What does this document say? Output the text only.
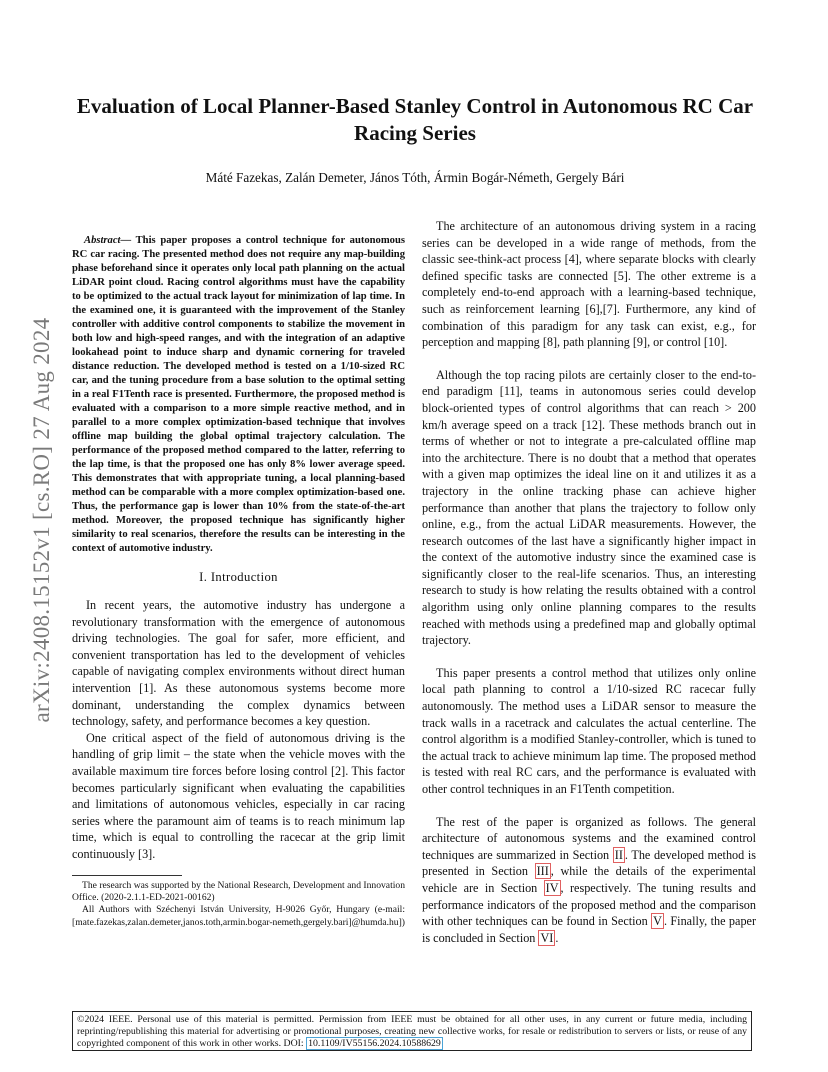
arXiv:2408.15152v1 [cs.RO] 27 Aug 2024
Evaluation of Local Planner-Based Stanley Control in Autonomous RC Car Racing Series
Máté Fazekas, Zalán Demeter, János Tóth, Ármin Bogár-Németh, Gergely Bári

Abstract— This paper proposes a control technique for autonomous RC car racing. The presented method does not require any map-building phase beforehand since it operates only local path planning on the actual LiDAR point cloud. Racing control algorithms must have the capability to be optimized to the actual track layout for minimization of lap time. In the examined one, it is guaranteed with the improvement of the Stanley controller with additive control components to stabilize the movement in both low and high-speed ranges, and with the integration of an adaptive lookahead point to induce sharp and dynamic cornering for traveled distance reduction. The developed method is tested on a 1/10-sized RC car, and the tuning procedure from a base solution to the optimal setting in a real F1Tenth race is presented. Furthermore, the proposed method is evaluated with a comparison to a more simple reactive method, and in parallel to a more complex optimization-based technique that involves offline map building the global optimal trajectory calculation. The performance of the proposed method compared to the latter, referring to the lap time, is that the proposed one has only 8% lower average speed. This demonstrates that with appropriate tuning, a local planning-based method can be comparable with a more complex optimization-based one. Thus, the performance gap is lower than 10% from the state-of-the-art method. Moreover, the proposed technique has significantly higher similarity to real scenarios, therefore the results can be interesting in the context of automotive industry.

I. Introduction

In recent years, the automotive industry has undergone a revolutionary transformation with the emergence of autonomous driving technologies. The goal for safer, more efficient, and convenient transportation has led to the development of vehicles capable of navigating complex environments without direct human intervention [1]. As these autonomous systems become more dominant, understanding the complex dynamics between technology, safety, and performance becomes a key question.

One critical aspect of the field of autonomous driving is the handling of grip limit – the state when the vehicle moves with the available maximum tire forces before losing control [2]. This factor becomes particularly significant when evaluating the capabilities and limitations of autonomous vehicles, especially in car racing series where the paramount aim of teams is to reach minimum lap time, which is equal to controlling the racecar at the grip limit continuously [3].

The research was supported by the National Research, Development and Innovation Office. (2020-2.1.1-ED-2021-00162)

All Authors with Széchenyi István University, H-9026 Győr, Hungary (e-mail: [mate.fazekas,zalan.demeter,janos.toth,armin.bogar-nemeth,gergely.bari]@humda.hu])

The architecture of an autonomous driving system in a racing series can be developed in a wide range of methods, from the classic see-think-act process [4], where separate blocks with clearly defined specific tasks are connected [5]. The other extreme is a completely end-to-end approach with a learning-based technique, such as reinforcement learning [6],[7]. Furthermore, any kind of combination of this paradigm for any task can exist, e.g., for perception and mapping [8], path planning [9], or control [10].

Although the top racing pilots are certainly closer to the end-to-end paradigm [11], teams in autonomous series could develop block-oriented types of control algorithms that can reach > 200 km/h average speed on a track [12]. These methods branch out in terms of whether or not to integrate a pre-calculated offline map into the architecture. There is no doubt that a method that operates with a given map optimizes the ideal line on it and utilizes it as a trajectory in the online tracking phase can achieve higher performance than another that plans the trajectory to follow only online, e.g., from the actual LiDAR measurements. However, the research outcomes of the last have a significantly higher impact in the context of the automotive industry since the examined case is significantly closer to the real-life scenarios. Thus, an interesting research to study is how relating the results obtained with a control algorithm using only online planning compares to the results reached with methods using a predefined map and globally optimal trajectory.

This paper presents a control method that utilizes only online local path planning to control a 1/10-sized RC racecar fully autonomously. The method uses a LiDAR sensor to measure the track walls in a racetrack and calculates the actual centerline. The control algorithm is a modified Stanley-controller, which is tuned to the actual track to achieve minimum lap time. The proposed method is tested with real RC cars, and the performance is evaluated with other control techniques in an F1Tenth competition.

The rest of the paper is organized as follows. The general architecture of autonomous systems and the examined control techniques are summarized in Section II . The developed method is presented in Section III , while the details of the experimental vehicle are in Section IV , respectively. The tuning results and performance indicators of the proposed method and the comparison with other techniques can be found in Section V . Finally, the paper is concluded in Section VI .

©2024 IEEE. Personal use of this material is permitted. Permission from IEEE must be obtained for all other uses, in any current or future media, including reprinting/republishing this material for advertising or promotional purposes, creating new collective works, for resale or redistribution to servers or lists, or reuse of any copyrighted component of this work in other works. DOI: 10.1109/IV55156.2024.10588629
